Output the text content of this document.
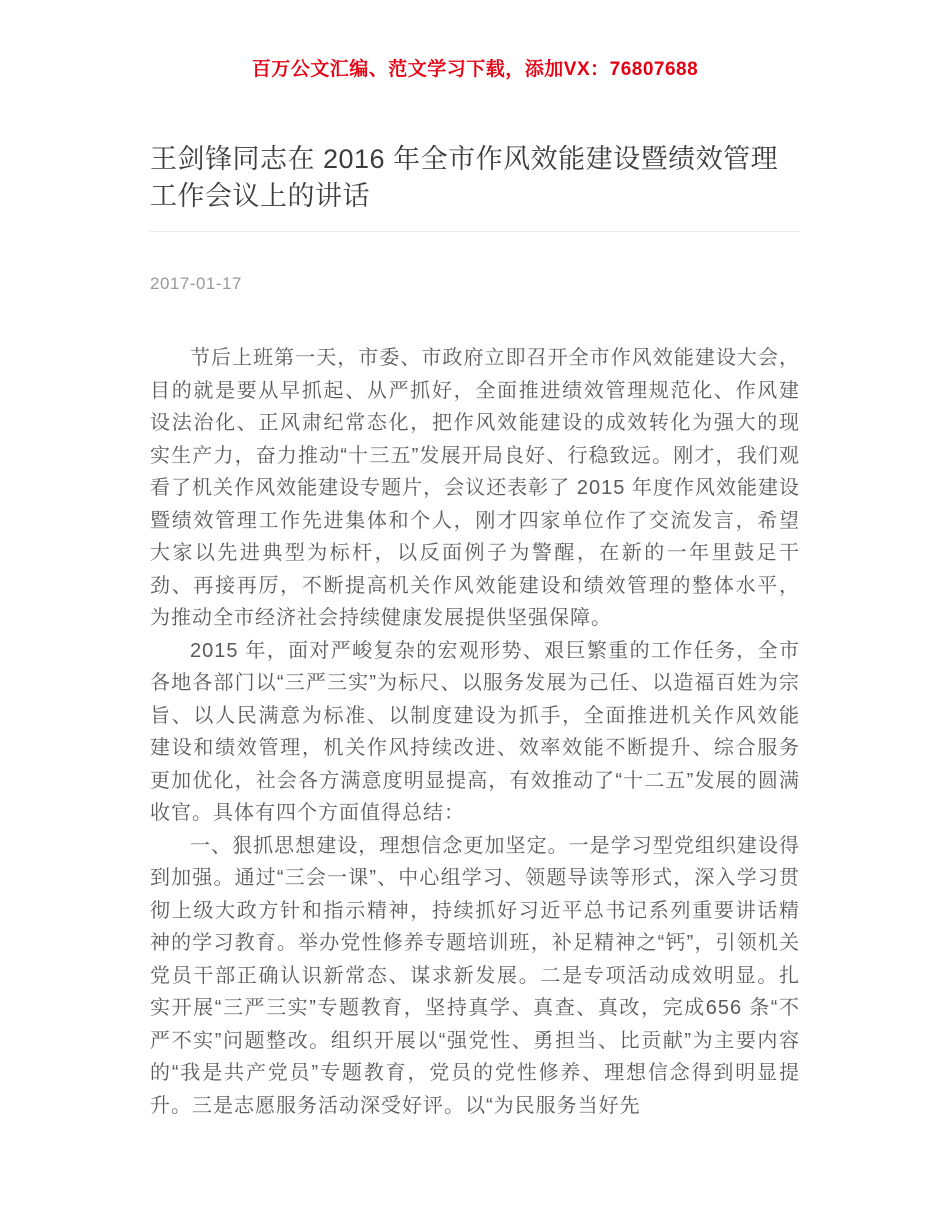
百万公文汇编、范文学习下载，添加VX：76807688
王剑锋同志在 2016 年全市作风效能建设暨绩效管理工作会议上的讲话
2017-01-17

节后上班第一天，市委、市政府立即召开全市作风效能建设大会，目的就是要从早抓起、从严抓好，全面推进绩效管理规范化、作风建设法治化、正风肃纪常态化，把作风效能建设的成效转化为强大的现实生产力，奋力推动“十三五”发展开局良好、行稳致远。刚才，我们观看了机关作风效能建设专题片，会议还表彰了 2015 年度作风效能建设暨绩效管理工作先进集体和个人，刚才四家单位作了交流发言，希望大家以先进典型为标杆，以反面例子为警醒，在新的一年里鼓足干劲、再接再厉，不断提高机关作风效能建设和绩效管理的整体水平，为推动全市经济社会持续健康发展提供坚强保障。

2015 年，面对严峻复杂的宏观形势、艰巨繁重的工作任务，全市各地各部门以“三严三实”为标尺、以服务发展为己任、以造福百姓为宗旨、以人民满意为标准、以制度建设为抓手，全面推进机关作风效能建设和绩效管理，机关作风持续改进、效率效能不断提升、综合服务更加优化，社会各方满意度明显提高，有效推动了“十二五”发展的圆满收官。具体有四个方面值得总结：

一、狠抓思想建设，理想信念更加坚定。一是学习型党组织建设得到加强。通过“三会一课”、中心组学习、领题导读等形式，深入学习贯彻上级大政方针和指示精神，持续抓好习近平总书记系列重要讲话精神的学习教育。举办党性修养专题培训班，补足精神之“钙”，引领机关党员干部正确认识新常态、谋求新发展。二是专项活动成效明显。扎实开展“三严三实”专题教育，坚持真学、真查、真改，完成656 条“不严不实”问题整改。组织开展以“强党性、勇担当、比贡献”为主要内容的“我是共产党员”专题教育，党员的党性修养、理想信念得到明显提升。三是志愿服务活动深受好评。以“为民服务当好先
